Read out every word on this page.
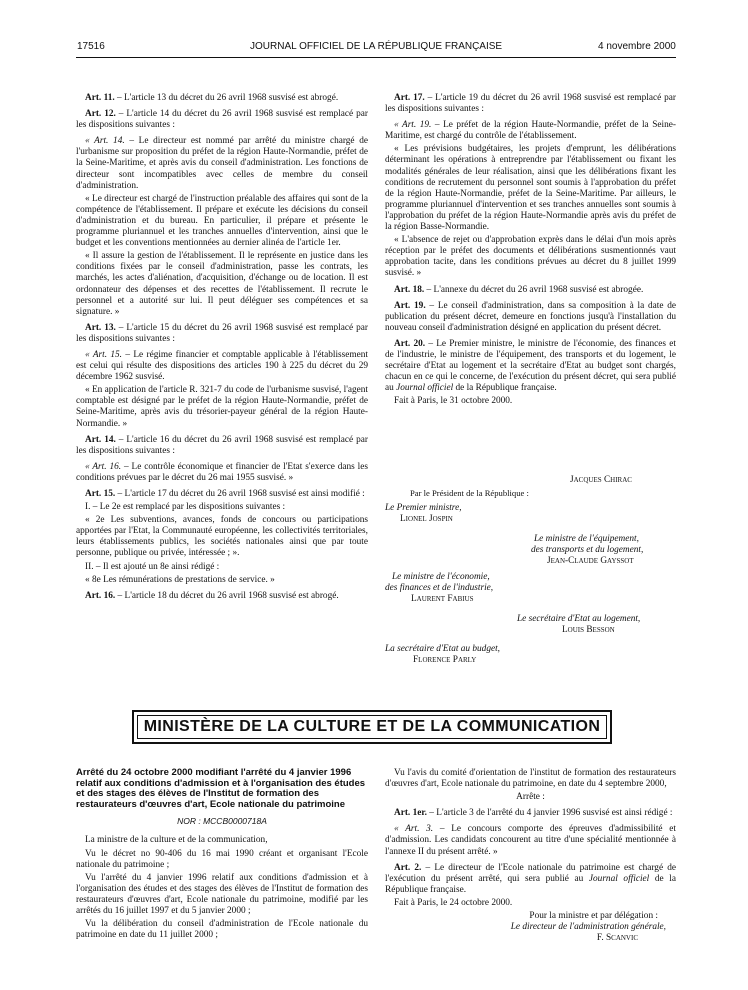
17516	JOURNAL OFFICIEL DE LA RÉPUBLIQUE FRANÇAISE	4 novembre 2000

Art. 11. – L'article 13 du décret du 26 avril 1968 susvisé est abrogé.

Art. 12. – L'article 14 du décret du 26 avril 1968 susvisé est remplacé par les dispositions suivantes :

« Art. 14. – Le directeur est nommé par arrêté du ministre chargé de l'urbanisme sur proposition du préfet de la région Haute-Normandie, préfet de la Seine-Maritime, et après avis du conseil d'administration. Les fonctions de directeur sont incompatibles avec celles de membre du conseil d'administration.

« Le directeur est chargé de l'instruction préalable des affaires qui sont de la compétence de l'établissement. Il prépare et exécute les décisions du conseil d'administration et du bureau. En particulier, il prépare et présente le programme pluriannuel et les tranches annuelles d'intervention, ainsi que le budget et les conventions mentionnées au dernier alinéa de l'article 1er.

« Il assure la gestion de l'établissement. Il le représente en justice dans les conditions fixées par le conseil d'administration, passe les contrats, les marchés, les actes d'aliénation, d'acquisition, d'échange ou de location. Il est ordonnateur des dépenses et des recettes de l'établissement. Il recrute le personnel et a autorité sur lui. Il peut déléguer ses compétences et sa signature. »

Art. 13. – L'article 15 du décret du 26 avril 1968 susvisé est remplacé par les dispositions suivantes :

« Art. 15. – Le régime financier et comptable applicable à l'établissement est celui qui résulte des dispositions des articles 190 à 225 du décret du 29 décembre 1962 susvisé.

« En application de l'article R. 321-7 du code de l'urbanisme susvisé, l'agent comptable est désigné par le préfet de la région Haute-Normandie, préfet de Seine-Maritime, après avis du trésorier-payeur général de la région Haute-Normandie. »

Art. 14. – L'article 16 du décret du 26 avril 1968 susvisé est remplacé par les dispositions suivantes :

« Art. 16. – Le contrôle économique et financier de l'Etat s'exerce dans les conditions prévues par le décret du 26 mai 1955 susvisé. »

Art. 15. – L'article 17 du décret du 26 avril 1968 susvisé est ainsi modifié :

I. – Le 2e est remplacé par les dispositions suivantes :

« 2e Les subventions, avances, fonds de concours ou participations apportées par l'Etat, la Communauté européenne, les collectivités territoriales, leurs établissements publics, les sociétés nationales ainsi que par toute personne, publique ou privée, intéressée ; ».

II. – Il est ajouté un 8e ainsi rédigé :

« 8e Les rémunérations de prestations de service. »

Art. 16. – L'article 18 du décret du 26 avril 1968 susvisé est abrogé.

Art. 17. – L'article 19 du décret du 26 avril 1968 susvisé est remplacé par les dispositions suivantes :

« Art. 19. – Le préfet de la région Haute-Normandie, préfet de la Seine-Maritime, est chargé du contrôle de l'établissement.

« Les prévisions budgétaires, les projets d'emprunt, les délibérations déterminant les opérations à entreprendre par l'établissement ou fixant les modalités générales de leur réalisation, ainsi que les délibérations fixant les conditions de recrutement du personnel sont soumis à l'approbation du préfet de la région Haute-Normandie, préfet de la Seine-Maritime. Par ailleurs, le programme pluriannuel d'intervention et ses tranches annuelles sont soumis à l'approbation du préfet de la région Haute-Normandie après avis du préfet de la région Basse-Normandie.

« L'absence de rejet ou d'approbation exprès dans le délai d'un mois après réception par le préfet des documents et délibérations susmentionnés vaut approbation tacite, dans les conditions prévues au décret du 8 juillet 1999 susvisé. »

Art. 18. – L'annexe du décret du 26 avril 1968 susvisé est abrogée.

Art. 19. – Le conseil d'administration, dans sa composition à la date de publication du présent décret, demeure en fonctions jusqu'à l'installation du nouveau conseil d'administration désigné en application du présent décret.

Art. 20. – Le Premier ministre, le ministre de l'économie, des finances et de l'industrie, le ministre de l'équipement, des transports et du logement, le secrétaire d'Etat au logement et la secrétaire d'Etat au budget sont chargés, chacun en ce qui le concerne, de l'exécution du présent décret, qui sera publié au Journal officiel de la République française.

Fait à Paris, le 31 octobre 2000.

Jacques Chirac
Par le Président de la République :
Le Premier ministre,
Lionel Jospin
Le ministre de l'équipement,
des transports et du logement,
Jean-Claude Gayssot
Le ministre de l'économie,
des finances et de l'industrie,
Laurent Fabius
Le secrétaire d'Etat au logement,
Louis Besson
La secrétaire d'Etat au budget,
Florence Parly
MINISTÈRE DE LA CULTURE ET DE LA COMMUNICATION
Arrêté du 24 octobre 2000 modifiant l'arrêté du 4 janvier 1996 relatif aux conditions d'admission et à l'organisation des études et des stages des élèves de l'Institut de formation des restaurateurs d'œuvres d'art, Ecole nationale du patrimoine
NOR : MCCB0000718A

La ministre de la culture et de la communication,

Vu le décret no 90-406 du 16 mai 1990 créant et organisant l'Ecole nationale du patrimoine ;

Vu l'arrêté du 4 janvier 1996 relatif aux conditions d'admission et à l'organisation des études et des stages des élèves de l'Institut de formation des restaurateurs d'œuvres d'art, Ecole nationale du patrimoine, modifié par les arrêtés du 16 juillet 1997 et du 5 janvier 2000 ;

Vu la délibération du conseil d'administration de l'Ecole nationale du patrimoine en date du 11 juillet 2000 ;

Vu l'avis du comité d'orientation de l'institut de formation des restaurateurs d'œuvres d'art, Ecole nationale du patrimoine, en date du 4 septembre 2000,

Arrête :

Art. 1er. – L'article 3 de l'arrêté du 4 janvier 1996 susvisé est ainsi rédigé :

« Art. 3. – Le concours comporte des épreuves d'admissibilité et d'admission. Les candidats concourent au titre d'une spécialité mentionnée à l'annexe II du présent arrêté. »

Art. 2. – Le directeur de l'Ecole nationale du patrimoine est chargé de l'exécution du présent arrêté, qui sera publié au Journal officiel de la République française.

Fait à Paris, le 24 octobre 2000.

Pour la ministre et par délégation :
Le directeur de l'administration générale,
F. Scanvic
